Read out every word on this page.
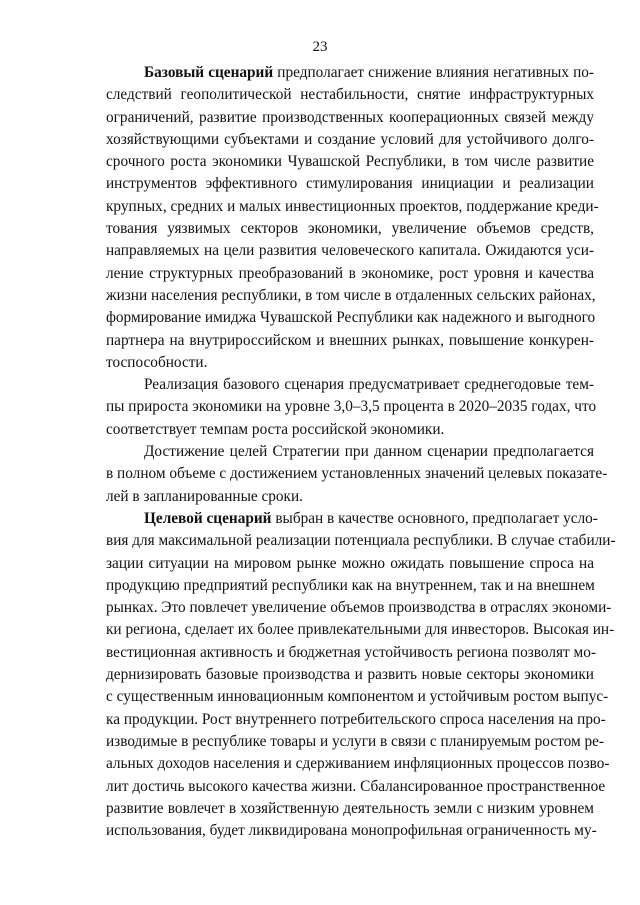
23
Базовый сценарий предполагает снижение влияния негативных по-
следствий геополитической нестабильности, снятие инфраструктурных
ограничений, развитие производственных кооперационных связей между
хозяйствующими субъектами и создание условий для устойчивого долго-
срочного роста экономики Чувашской Республики, в том числе развитие
инструментов эффективного стимулирования инициации и реализации
крупных, средних и малых инвестиционных проектов, поддержание креди-
тования уязвимых секторов экономики, увеличение объемов средств,
направляемых на цели развития человеческого капитала. Ожидаются уси-
ление структурных преобразований в экономике, рост уровня и качества
жизни населения республики, в том числе в отдаленных сельских районах,
формирование имиджа Чувашской Республики как надежного и выгодного
партнера на внутрироссийском и внешних рынках, повышение конкурен-
тоспособности.
Реализация базового сценария предусматривает среднегодовые тем-
пы прироста экономики на уровне 3,0–3,5 процента в 2020–2035 годах, что
соответствует темпам роста российской экономики.
Достижение целей Стратегии при данном сценарии предполагается
в полном объеме с достижением установленных значений целевых показате-
лей в запланированные сроки.
Целевой сценарий выбран в качестве основного, предполагает усло-
вия для максимальной реализации потенциала республики. В случае стабили-
зации ситуации на мировом рынке можно ожидать повышение спроса на
продукцию предприятий республики как на внутреннем, так и на внешнем
рынках. Это повлечет увеличение объемов производства в отраслях экономи-
ки региона, сделает их более привлекательными для инвесторов. Высокая ин-
вестиционная активность и бюджетная устойчивость региона позволят мо-
дернизировать базовые производства и развить новые секторы экономики
с существенным инновационным компонентом и устойчивым ростом выпус-
ка продукции. Рост внутреннего потребительского спроса населения на про-
изводимые в республике товары и услуги в связи с планируемым ростом ре-
альных доходов населения и сдерживанием инфляционных процессов позво-
лит достичь высокого качества жизни. Сбалансированное пространственное
развитие вовлечет в хозяйственную деятельность земли с низким уровнем
использования, будет ликвидирована монопрофильная ограниченность му-
